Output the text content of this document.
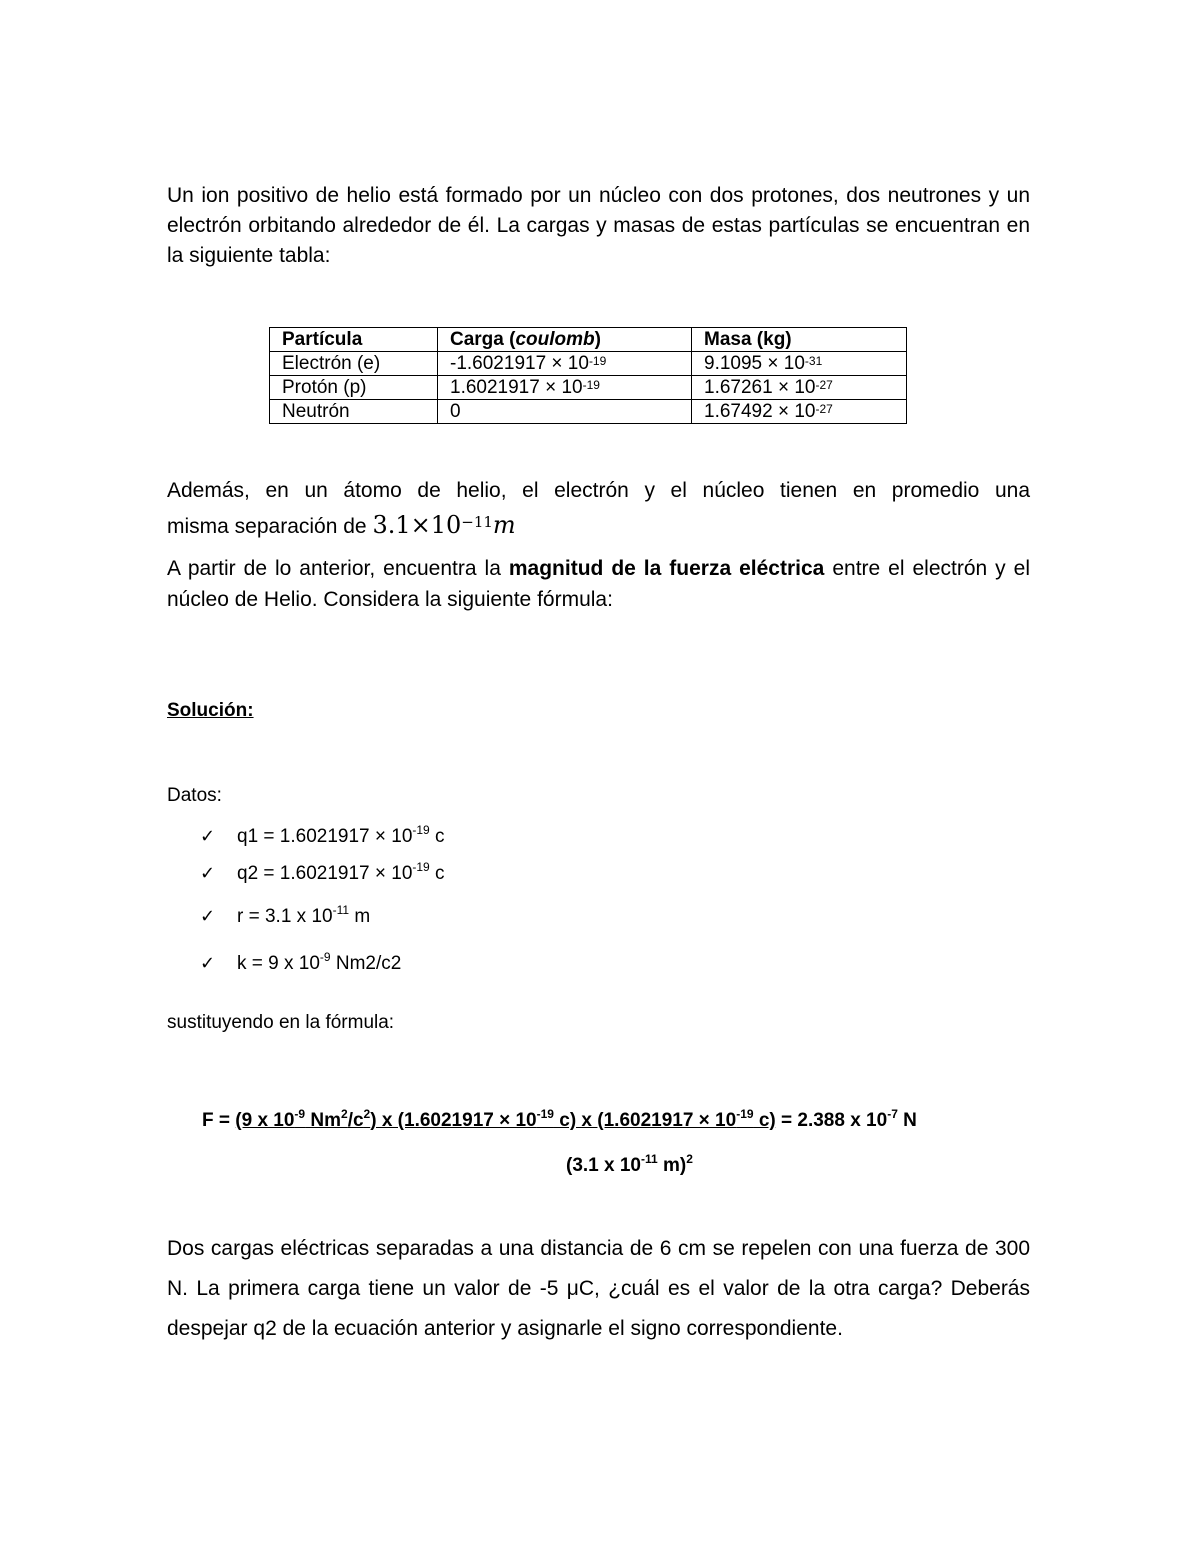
Un ion positivo de helio está formado por un núcleo con dos protones, dos neutrones y un electrón orbitando alrededor de él. La cargas y masas de estas partículas se encuentran en la siguiente tabla:

Partícula	Carga (coulomb)	Masa (kg)
Electrón (e)	$-1.6021917 \times 10^{-19}$	$9.1095 \times 10^{-31}$
Protón (p)	$1.6021917 \times 10^{-19}$	$1.67261 \times 10^{-27}$
Neutrón	0	$1.67492 \times 10^{-27}$
Además, en un átomo de helio, el electrón y el núcleo tienen en promedio una
misma separación de $3.1\times 10^{-11}m$

A partir de lo anterior, encuentra la magnitud de la fuerza eléctrica entre el electrón y el núcleo de Helio. Considera la siguiente fórmula:

Solución:
Datos:
✓ $q1 = 1.6021917 \times 10^{-19}$ c
✓ $q2 = 1.6021917 \times 10^{-19}$ c
✓ r = 3.1 x $10^{-11}$ m
✓ k = 9 x $10^{-9}$ Nm2/c2
sustituyendo en la fórmula:
F = (9 x $10^{-9}$ $Nm^2/c^2$) x ($1.6021917 \times 10^{-19}$ c) x ($1.6021917 \times 10^{-19}$ c) = 2.388 x $10^{-7}$ N
(3.1 x $10^{-11}$ m)$^2$

Dos cargas eléctricas separadas a una distancia de 6 cm se repelen con una fuerza de 300 N. La primera carga tiene un valor de -5 μC, ¿cuál es el valor de la otra carga? Deberás despejar q2 de la ecuación anterior y asignarle el signo correspondiente.
